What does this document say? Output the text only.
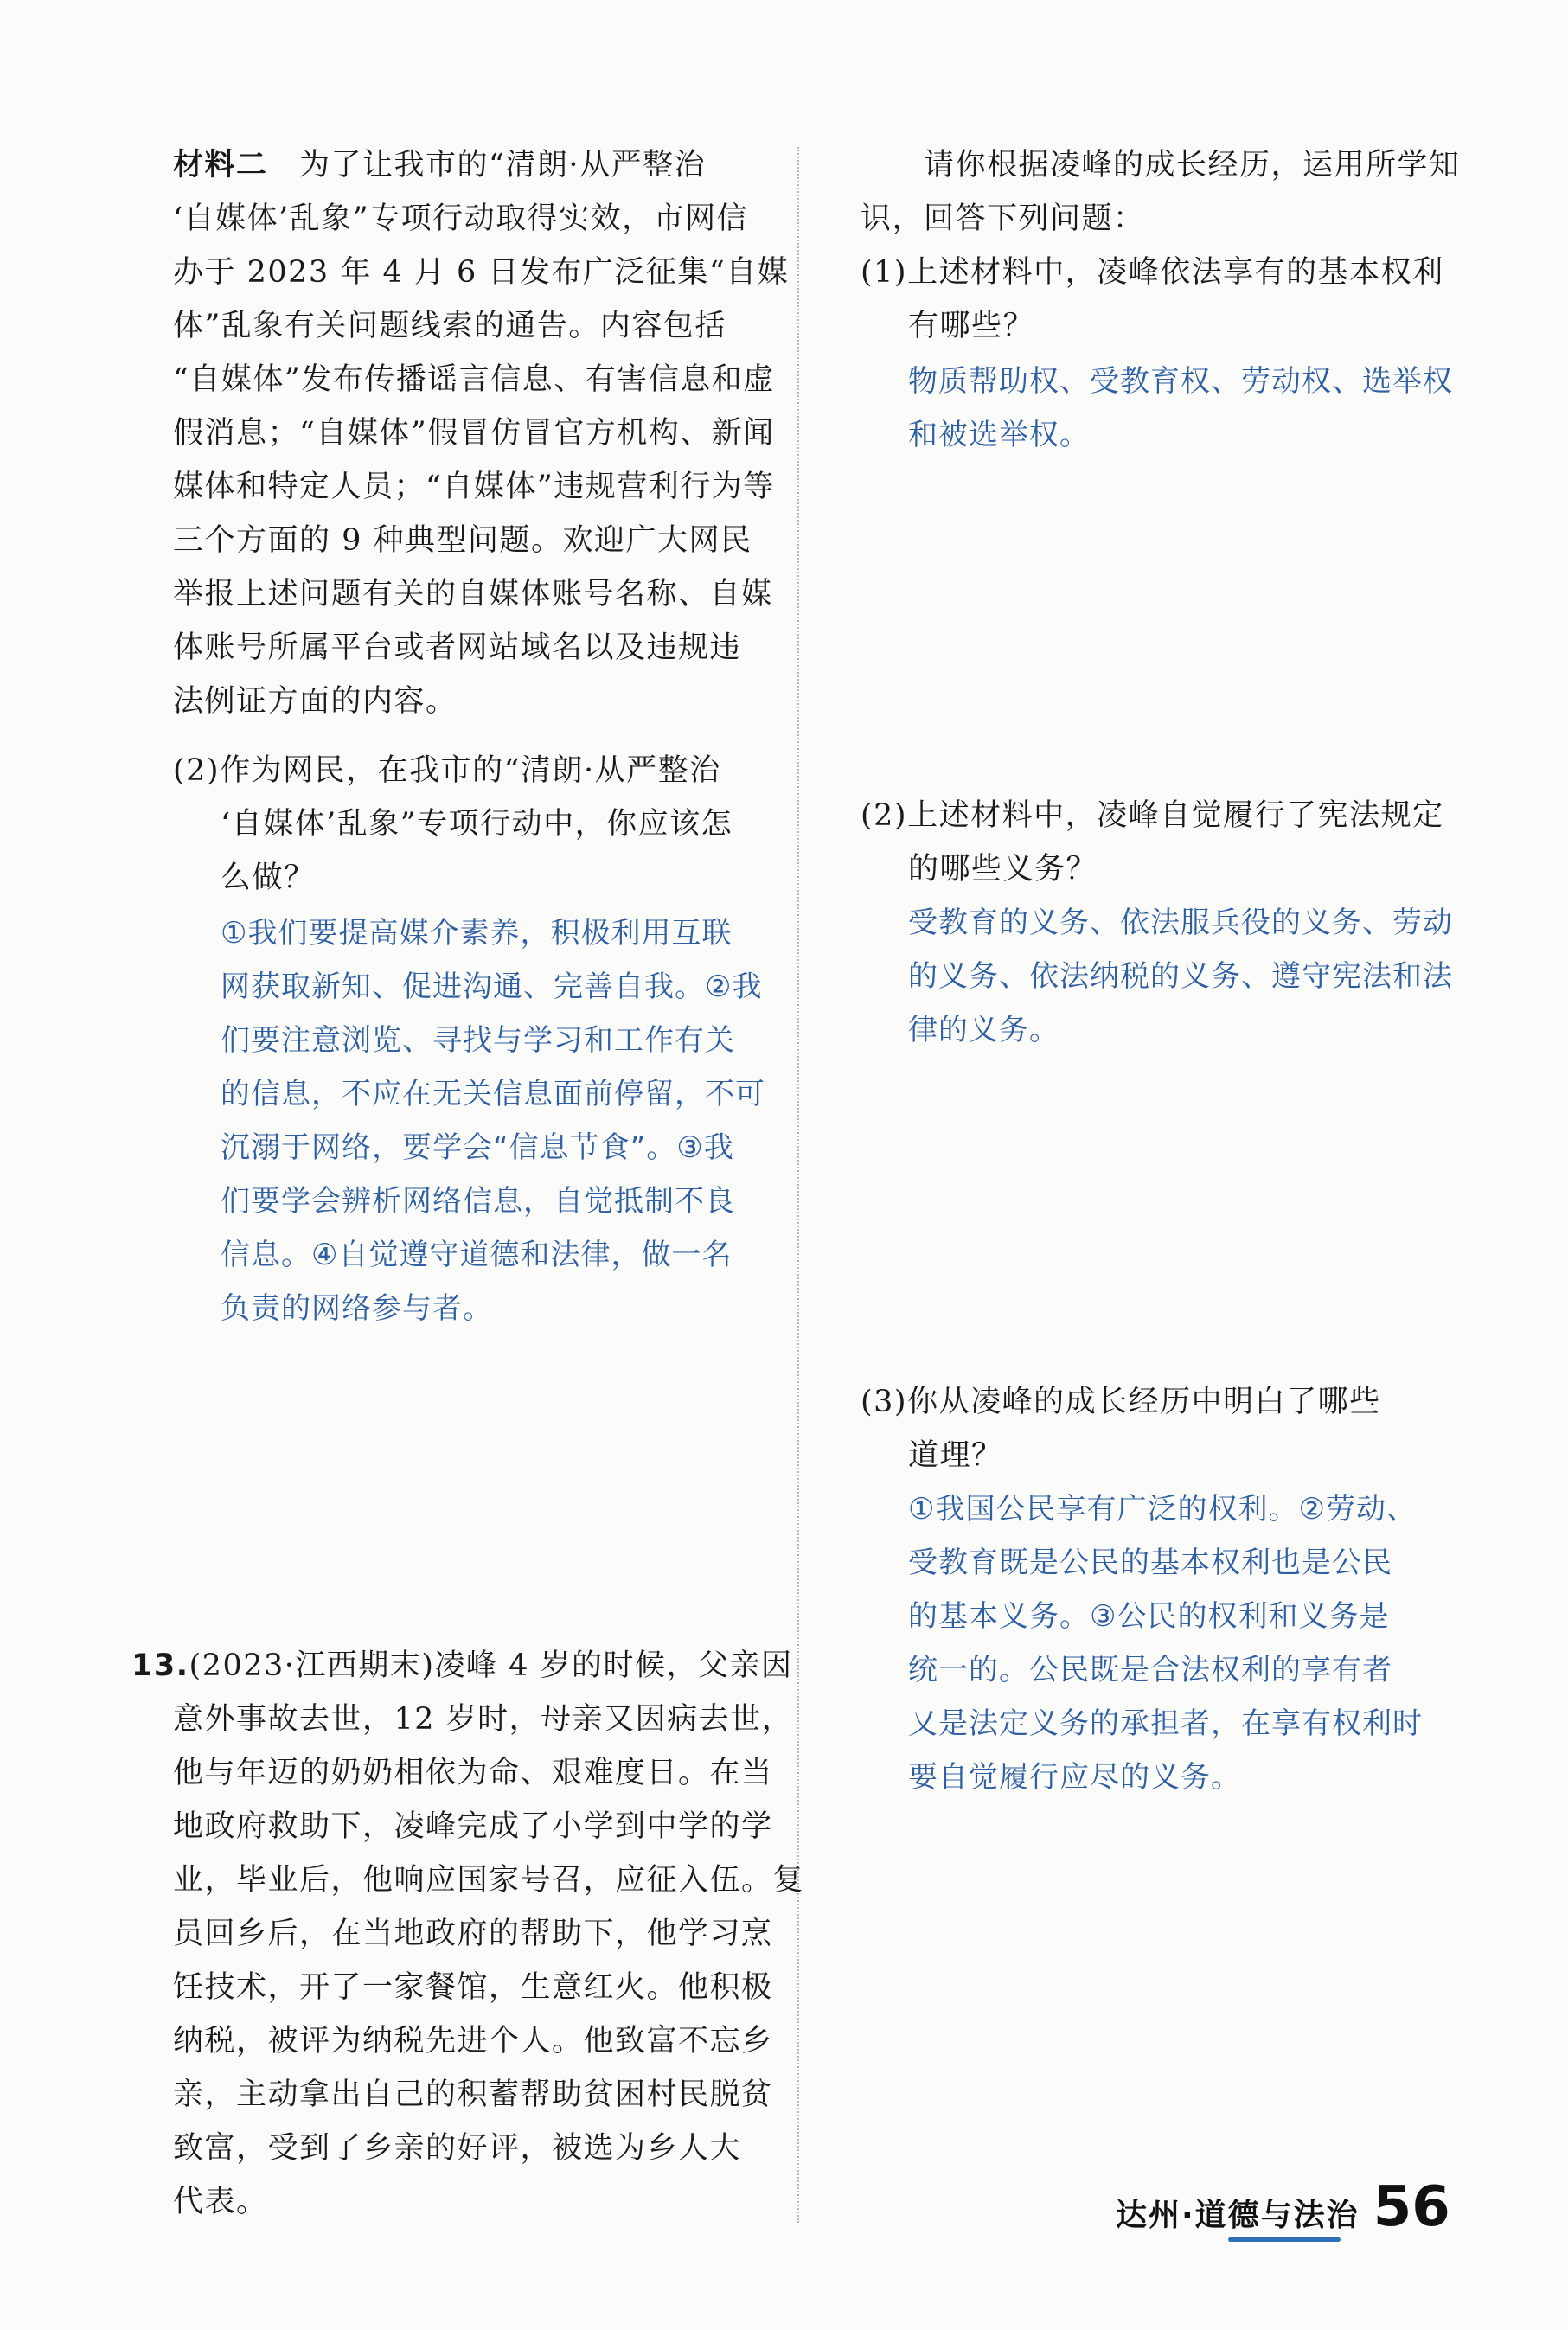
材料二　为了让我市的“清朗·从严整治
‘自媒体’乱象”专项行动取得实效，市网信
办于 2023 年 4 月 6 日发布广泛征集“自媒
体”乱象有关问题线索的通告。内容包括
“自媒体”发布传播谣言信息、有害信息和虚
假消息；“自媒体”假冒仿冒官方机构、新闻
媒体和特定人员；“自媒体”违规营利行为等
三个方面的 9 种典型问题。欢迎广大网民
举报上述问题有关的自媒体账号名称、自媒
体账号所属平台或者网站域名以及违规违
法例证方面的内容。
(2)作为网民，在我市的“清朗·从严整治
‘自媒体’乱象”专项行动中，你应该怎
么做？
①我们要提高媒介素养，积极利用互联
网获取新知、促进沟通、完善自我。②我
们要注意浏览、寻找与学习和工作有关
的信息，不应在无关信息面前停留，不可
沉溺于网络，要学会“信息节食”。③我
们要学会辨析网络信息，自觉抵制不良
信息。④自觉遵守道德和法律，做一名
负责的网络参与者。
13.(2023·江西期末)凌峰 4 岁的时候，父亲因
意外事故去世，12 岁时，母亲又因病去世，
他与年迈的奶奶相依为命、艰难度日。在当
地政府救助下，凌峰完成了小学到中学的学
业，毕业后，他响应国家号召，应征入伍。复
员回乡后，在当地政府的帮助下，他学习烹
饪技术，开了一家餐馆，生意红火。他积极
纳税，被评为纳税先进个人。他致富不忘乡
亲，主动拿出自己的积蓄帮助贫困村民脱贫
致富，受到了乡亲的好评，被选为乡人大
代表。
　　请你根据凌峰的成长经历，运用所学知
识，回答下列问题：
(1)上述材料中，凌峰依法享有的基本权利
有哪些？
物质帮助权、受教育权、劳动权、选举权
和被选举权。
(2)上述材料中，凌峰自觉履行了宪法规定
的哪些义务？
受教育的义务、依法服兵役的义务、劳动
的义务、依法纳税的义务、遵守宪法和法
律的义务。
(3)你从凌峰的成长经历中明白了哪些
道理？
①我国公民享有广泛的权利。②劳动、
受教育既是公民的基本权利也是公民
的基本义务。③公民的权利和义务是
统一的。公民既是合法权利的享有者
又是法定义务的承担者，在享有权利时
要自觉履行应尽的义务。
达州·道德与法治 56
